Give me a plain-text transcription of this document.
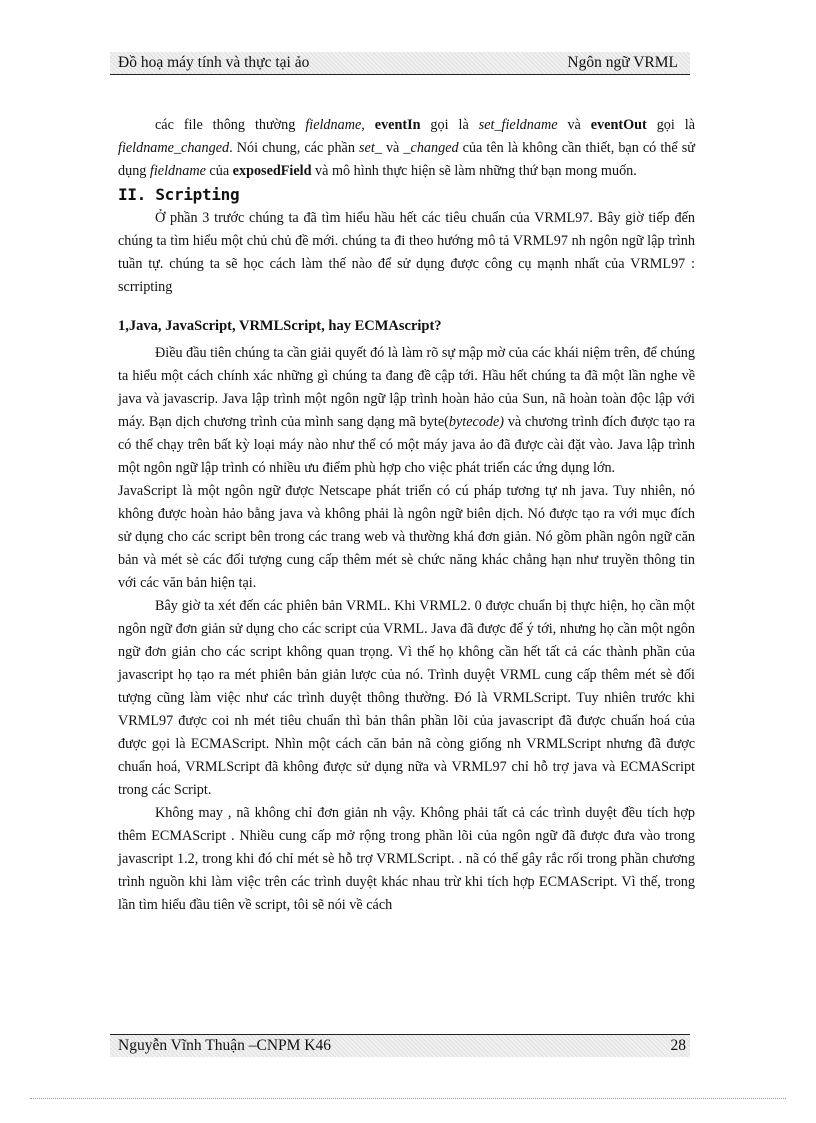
Đồ hoạ máy tính và thực tại ảo	Ngôn ngữ VRML

các file thông thường fieldname, eventIn gọi là set_fieldname và eventOut gọi là fieldname_changed. Nói chung, các phần set_ và _changed của tên là không cần thiết, bạn có thể sử dụng fieldname của exposedField và mô hình thực hiện sẽ làm những thứ bạn mong muốn.

II. Scripting

Ở phần 3 trước chúng ta đã tìm hiểu hầu hết các tiêu chuẩn của VRML97. Bây giờ tiếp đến chúng ta tìm hiểu một chủ chủ đề mới. chúng ta đi theo hướng mô tả VRML97 nh ngôn ngữ lập trình tuần tự. chúng ta sẽ học cách làm thế nào để sử dụng được công cụ mạnh nhất của VRML97 : scrripting

1,Java, JavaScript, VRMLScript, hay ECMAscript?

Điều đầu tiên chúng ta cần giải quyết đó là làm rõ sự mập mờ của các khái niệm trên, để chúng ta hiểu một cách chính xác những gì chúng ta đang đề cập tới. Hầu hết chúng ta đã một lần nghe về java và javascrip. Java lập trình một ngôn ngữ lập trình hoàn hảo của Sun, nã hoàn toàn độc lập với máy. Bạn dịch chương trình của mình sang dạng mã byte(bytecode) và chương trình đích được tạo ra có thể chạy trên bất kỳ loại máy nào như thể có một máy java ảo đã được cài đặt vào. Java lập trình một ngôn ngữ lập trình có nhiều ưu điểm phù hợp cho việc phát triển các ứng dụng lớn.

JavaScript là một ngôn ngữ được Netscape phát triển có cú pháp tương tự nh java. Tuy nhiên, nó không được hoàn hảo bằng java và không phải là ngôn ngữ biên dịch. Nó được tạo ra với mục đích sử dụng cho các script bên trong các trang web và thường khá đơn giản. Nó gồm phần ngôn ngữ căn bản và mét sè các đối tượng cung cấp thêm mét sè chức năng khác chẳng hạn như truyền thông tin với các văn bản hiện tại.

Bây giờ ta xét đến các phiên bản VRML. Khi VRML2. 0 được chuẩn bị thực hiện, họ cần một ngôn ngữ đơn giản sử dụng cho các script của VRML. Java đã được để ý tới, nhưng họ cần một ngôn ngữ đơn giản cho các script không quan trọng. Vì thế họ không cần hết tất cả các thành phần của javascript họ tạo ra mét phiên bản giản lược của nó. Trình duyệt VRML cung cấp thêm mét sè đối tượng cũng làm việc như các trình duyệt thông thường. Đó là VRMLScript. Tuy nhiên trước khi VRML97 được coi nh mét tiêu chuẩn thì bản thân phần lõi của javascript đã được chuẩn hoá của được gọi là ECMAScript. Nhìn một cách căn bản nã còng giống nh VRMLScript nhưng đã được chuẩn hoá, VRMLScript đã không được sử dụng nữa và VRML97 chỉ hỗ trợ java và ECMAScript trong các Script.

Không may , nã không chỉ đơn giản nh vậy. Không phải tất cả các trình duyệt đều tích hợp thêm ECMAScript . Nhiều cung cấp mở rộng trong phần lõi của ngôn ngữ đã được đưa vào trong javascript 1.2, trong khi đó chỉ mét sè hỗ trợ VRMLScript. . nã có thể gây rắc rối trong phần chương trình nguồn khi làm việc trên các trình duyệt khác nhau trừ khi tích hợp ECMAScript. Vì thế, trong lần tìm hiểu đầu tiên về script, tôi sẽ nói về cách

Nguyễn Vĩnh Thuận –CNPM K46	28
